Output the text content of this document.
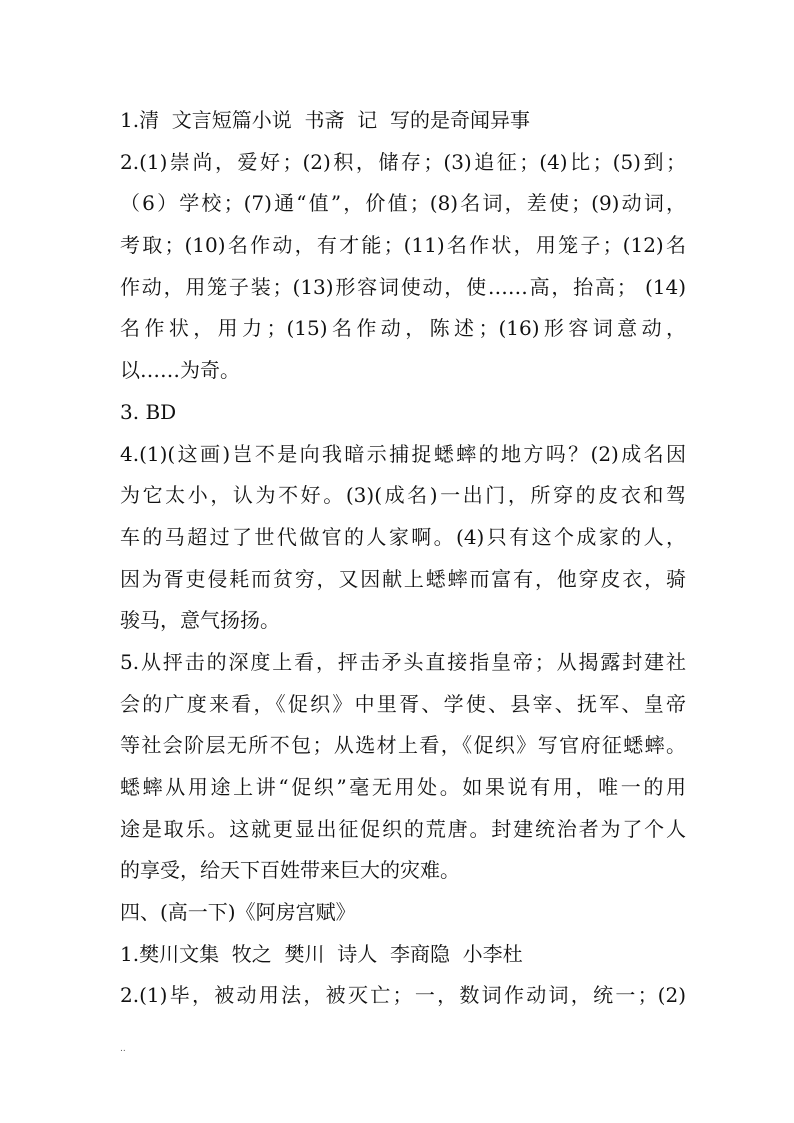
1.清  文言短篇小说  书斋  记  写的是奇闻异事
2.(1)崇尚，爱好；(2)积，储存；(3)追征；(4)比；(5)到；
（6）学校；(7)通“值”，价值；(8)名词，差使；(9)动词，
考取；(10)名作动，有才能；(11)名作状，用笼子；(12)名
作动，用笼子装；(13)形容词使动，使……高，抬高； (14)
名作状，用力；(15)名作动，陈述；(16)形容词意动，
以……为奇。
3. BD
4.(1)(这画)岂不是向我暗示捕捉蟋蟀的地方吗？(2)成名因
为它太小，认为不好。(3)(成名)一出门，所穿的皮衣和驾
车的马超过了世代做官的人家啊。(4)只有这个成家的人，
因为胥吏侵耗而贫穷，又因献上蟋蟀而富有，他穿皮衣，骑
骏马，意气扬扬。
5.从抨击的深度上看，抨击矛头直接指皇帝；从揭露封建社
会的广度来看，《促织》中里胥、学使、县宰、抚军、皇帝
等社会阶层无所不包；从选材上看，《促织》写官府征蟋蟀。
蟋蟀从用途上讲“促织”毫无用处。如果说有用，唯一的用
途是取乐。这就更显出征促织的荒唐。封建统治者为了个人
的享受，给天下百姓带来巨大的灾难。
四、(高一下)《阿房宫赋》
1.樊川文集  牧之  樊川  诗人  李商隐  小李杜
2.(1)毕，被动用法，被灭亡；一，数词作动词，统一；(2)
..
